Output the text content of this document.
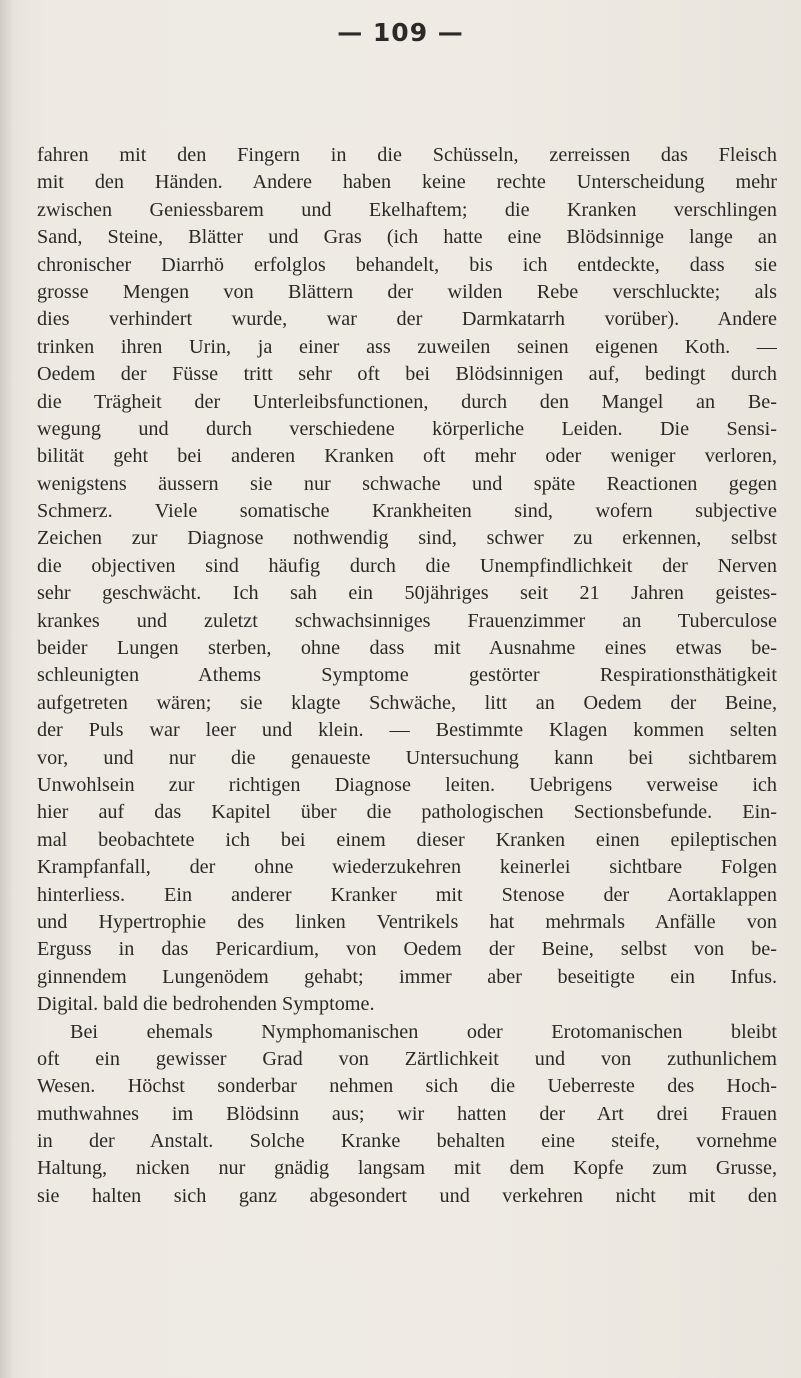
— 109 —
fahren mit den Fingern in die Schüsseln, zerreissen das Fleisch
mit den Händen. Andere haben keine rechte Unterscheidung mehr
zwischen Geniessbarem und Ekelhaftem; die Kranken verschlingen
Sand, Steine, Blätter und Gras (ich hatte eine Blödsinnige lange an
chronischer Diarrhö erfolglos behandelt, bis ich entdeckte, dass sie
grosse Mengen von Blättern der wilden Rebe verschluckte; als
dies verhindert wurde, war der Darmkatarrh vorüber). Andere
trinken ihren Urin, ja einer ass zuweilen seinen eigenen Koth. —
Oedem der Füsse tritt sehr oft bei Blödsinnigen auf, bedingt durch
die Trägheit der Unterleibsfunctionen, durch den Mangel an Be-
wegung und durch verschiedene körperliche Leiden. Die Sensi-
bilität geht bei anderen Kranken oft mehr oder weniger verloren,
wenigstens äussern sie nur schwache und späte Reactionen gegen
Schmerz. Viele somatische Krankheiten sind, wofern subjective
Zeichen zur Diagnose nothwendig sind, schwer zu erkennen, selbst
die objectiven sind häufig durch die Unempfindlichkeit der Nerven
sehr geschwächt. Ich sah ein 50jähriges seit 21 Jahren geistes-
krankes und zuletzt schwachsinniges Frauenzimmer an Tuberculose
beider Lungen sterben, ohne dass mit Ausnahme eines etwas be-
schleunigten Athems Symptome gestörter Respirationsthätigkeit
aufgetreten wären; sie klagte Schwäche, litt an Oedem der Beine,
der Puls war leer und klein. — Bestimmte Klagen kommen selten
vor, und nur die genaueste Untersuchung kann bei sichtbarem
Unwohlsein zur richtigen Diagnose leiten. Uebrigens verweise ich
hier auf das Kapitel über die pathologischen Sectionsbefunde. Ein-
mal beobachtete ich bei einem dieser Kranken einen epileptischen
Krampfanfall, der ohne wiederzukehren keinerlei sichtbare Folgen
hinterliess. Ein anderer Kranker mit Stenose der Aortaklappen
und Hypertrophie des linken Ventrikels hat mehrmals Anfälle von
Erguss in das Pericardium, von Oedem der Beine, selbst von be-
ginnendem Lungenödem gehabt; immer aber beseitigte ein Infus.
Digital. bald die bedrohenden Symptome.
Bei ehemals Nymphomanischen oder Erotomanischen bleibt
oft ein gewisser Grad von Zärtlichkeit und von zuthunlichem
Wesen. Höchst sonderbar nehmen sich die Ueberreste des Hoch-
muthwahnes im Blödsinn aus; wir hatten der Art drei Frauen
in der Anstalt. Solche Kranke behalten eine steife, vornehme
Haltung, nicken nur gnädig langsam mit dem Kopfe zum Grusse,
sie halten sich ganz abgesondert und verkehren nicht mit den
